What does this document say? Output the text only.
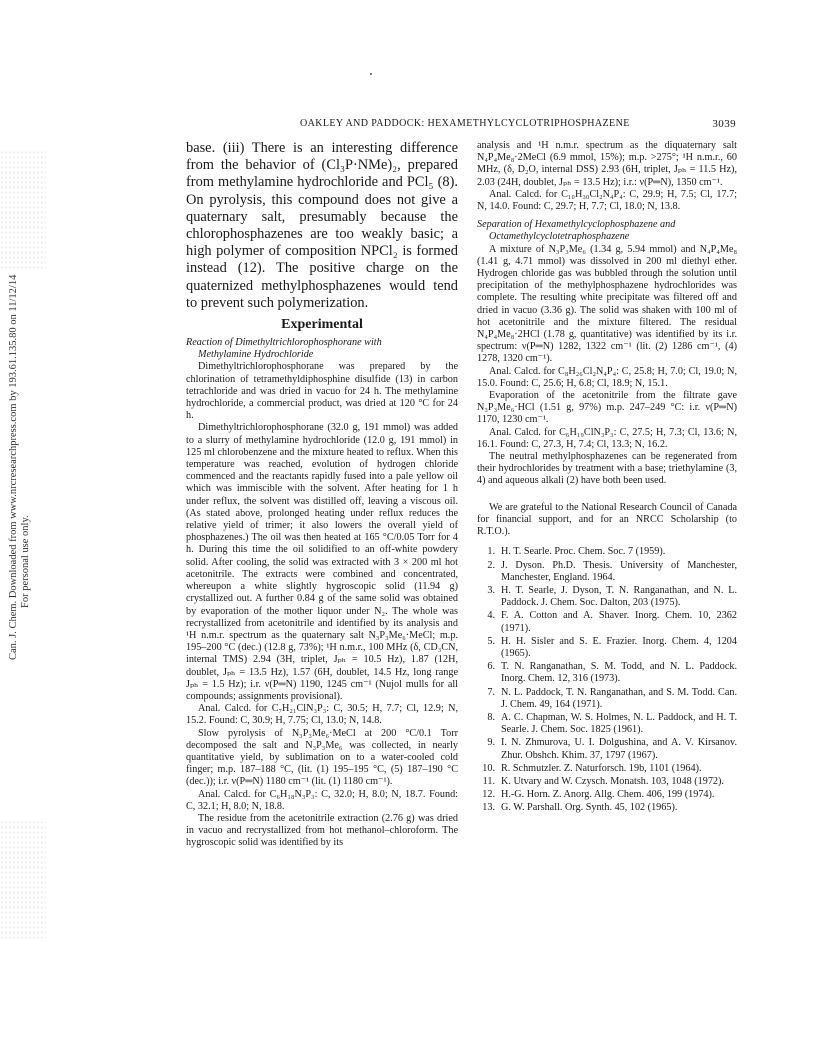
Can. J. Chem. Downloaded from www.nrcresearchpress.com by 193.61.135.80 on 11/12/14 For personal use only.
OAKLEY AND PADDOCK: HEXAMETHYLCYCLOTRIPHOSPHAZENE	3039

base. (iii) There is an interesting difference from the behavior of (Cl₃P·NMe)₂, prepared from methylamine hydrochloride and PCl₅ (8). On pyrolysis, this compound does not give a quaternary salt, presumably because the chlorophosphazenes are too weakly basic; a high polymer of composition NPCl₂ is formed instead (12). The positive charge on the quaternized methylphosphazenes would tend to prevent such polymerization.

Experimental

Reaction of Dimethyltrichlorophosphorane with

Methylamine Hydrochloride

Dimethyltrichlorophosphorane was prepared by the chlorination of tetramethyldiphosphine disulfide (13) in carbon tetrachloride and was dried in vacuo for 24 h. The methylamine hydrochloride, a commercial product, was dried at 120 °C for 24 h.

Dimethyltrichlorophosphorane (32.0 g, 191 mmol) was added to a slurry of methylamine hydrochloride (12.0 g, 191 mmol) in 125 ml chlorobenzene and the mixture heated to reflux. When this temperature was reached, evolution of hydrogen chloride commenced and the reactants rapidly fused into a pale yellow oil which was immiscible with the solvent. After heating for 1 h under reflux, the solvent was distilled off, leaving a viscous oil. (As stated above, prolonged heating under reflux reduces the relative yield of trimer; it also lowers the overall yield of phosphazenes.) The oil was then heated at 165 °C/0.05 Torr for 4 h. During this time the oil solidified to an off-white powdery solid. After cooling, the solid was extracted with 3 × 200 ml hot acetonitrile. The extracts were combined and concentrated, whereupon a white slightly hygroscopic solid (11.94 g) crystallized out. A further 0.84 g of the same solid was obtained by evaporation of the mother liquor under N₂. The whole was recrystallized from acetonitrile and identified by its analysis and ¹H n.m.r. spectrum as the quaternary salt N₃P₃Me₆·MeCl; m.p. 195–200 °C (dec.) (12.8 g, 73%); ¹H n.m.r., 100 MHz (δ, CD₃CN, internal TMS) 2.94 (3H, triplet, Jₚₕ = 10.5 Hz), 1.87 (12H, doublet, Jₚₕ = 13.5 Hz), 1.57 (6H, doublet, 14.5 Hz, long range Jₚₕ = 1.5 Hz); i.r. ν(P═N) 1190, 1245 cm⁻¹ (Nujol mulls for all compounds; assignments provisional).

Anal. Calcd. for C₇H₂₁ClN₃P₃: C, 30.5; H, 7.7; Cl, 12.9; N, 15.2. Found: C, 30.9; H, 7.75; Cl, 13.0; N, 14.8.

Slow pyrolysis of N₃P₃Me₆·MeCl at 200 °C/0.1 Torr decomposed the salt and N₃P₃Me₆ was collected, in nearly quantitative yield, by sublimation on to a water-cooled cold finger; m.p. 187–188 °C, (lit. (1) 195–195 °C, (5) 187–190 °C (dec.)); i.r. ν(P═N) 1180 cm⁻¹ (lit. (1) 1180 cm⁻¹).

Anal. Calcd. for C₆H₁₈N₃P₃: C, 32.0; H, 8.0; N, 18.7. Found: C, 32.1; H, 8.0; N, 18.8.

The residue from the acetonitrile extraction (2.76 g) was dried in vacuo and recrystallized from hot methanol–chloroform. The hygroscopic solid was identified by its

analysis and ¹H n.m.r. spectrum as the diquaternary salt N₄P₄Me₈·2MeCl (6.9 mmol, 15%); m.p. >275°; ¹H n.m.r., 60 MHz, (δ, D₂O, internal DSS) 2.93 (6H, triplet, Jₚₕ = 11.5 Hz), 2.03 (24H, doublet, Jₚₕ = 13.5 Hz); i.r.: ν(P═N), 1350 cm⁻¹.

Anal. Calcd. for C₁₀H₃₀Cl₂N₄P₄: C, 29.9; H, 7.5; Cl, 17.7; N, 14.0. Found: C, 29.7; H, 7.7; Cl, 18.0; N, 13.8.

Separation of Hexamethylcyclophosphazene and

Octamethylcyclotetraphosphazene

A mixture of N₃P₃Me₆ (1.34 g, 5.94 mmol) and N₄P₄Me₈ (1.41 g, 4.71 mmol) was dissolved in 200 ml diethyl ether. Hydrogen chloride gas was bubbled through the solution until precipitation of the methylphosphazene hydrochlorides was complete. The resulting white precipitate was filtered off and dried in vacuo (3.36 g). The solid was shaken with 100 ml of hot acetonitrile and the mixture filtered. The residual N₄P₄Me₈·2HCl (1.78 g, quantitative) was identified by its i.r. spectrum: ν(P═N) 1282, 1322 cm⁻¹ (lit. (2) 1286 cm⁻¹, (4) 1278, 1320 cm⁻¹).

Anal. Calcd. for C₈H₂₆Cl₂N₄P₄: C, 25.8; H, 7.0; Cl, 19.0; N, 15.0. Found: C, 25.6; H, 6.8; Cl, 18.9; N, 15.1.

Evaporation of the acetonitrile from the filtrate gave N₃P₃Me₆·HCl (1.51 g, 97%) m.p. 247–249 °C: i.r. ν(P═N) 1170, 1230 cm⁻¹.

Anal. Calcd. for C₆H₁₉ClN₃P₃: C, 27.5; H, 7.3; Cl, 13.6; N, 16.1. Found: C, 27.3, H, 7.4; Cl, 13.3; N, 16.2.

The neutral methylphosphazenes can be regenerated from their hydrochlorides by treatment with a base; triethylamine (3, 4) and aqueous alkali (2) have both been used.

We are grateful to the National Research Council of Canada for financial support, and for an NRCC Scholarship (to R.T.O.).

1. H. T. Searle. Proc. Chem. Soc. 7 (1959).
2. J. Dyson. Ph.D. Thesis. University of Manchester, Manchester, England. 1964.
3. H. T. Searle, J. Dyson, T. N. Ranganathan, and N. L. Paddock. J. Chem. Soc. Dalton, 203 (1975).
4. F. A. Cotton and A. Shaver. Inorg. Chem. 10, 2362 (1971).
5. H. H. Sisler and S. E. Frazier. Inorg. Chem. 4, 1204 (1965).
6. T. N. Ranganathan, S. M. Todd, and N. L. Paddock. Inorg. Chem. 12, 316 (1973).
7. N. L. Paddock, T. N. Ranganathan, and S. M. Todd. Can. J. Chem. 49, 164 (1971).
8. A. C. Chapman, W. S. Holmes, N. L. Paddock, and H. T. Searle. J. Chem. Soc. 1825 (1961).
9. I. N. Zhmurova, U. I. Dolgushina, and A. V. Kirsanov. Zhur. Obshch. Khim. 37, 1797 (1967).
10. R. Schmutzler. Z. Naturforsch. 19b, 1101 (1964).
11. K. Utvary and W. Czysch. Monatsh. 103, 1048 (1972).
12. H.-G. Horn. Z. Anorg. Allg. Chem. 406, 199 (1974).
13. G. W. Parshall. Org. Synth. 45, 102 (1965).
